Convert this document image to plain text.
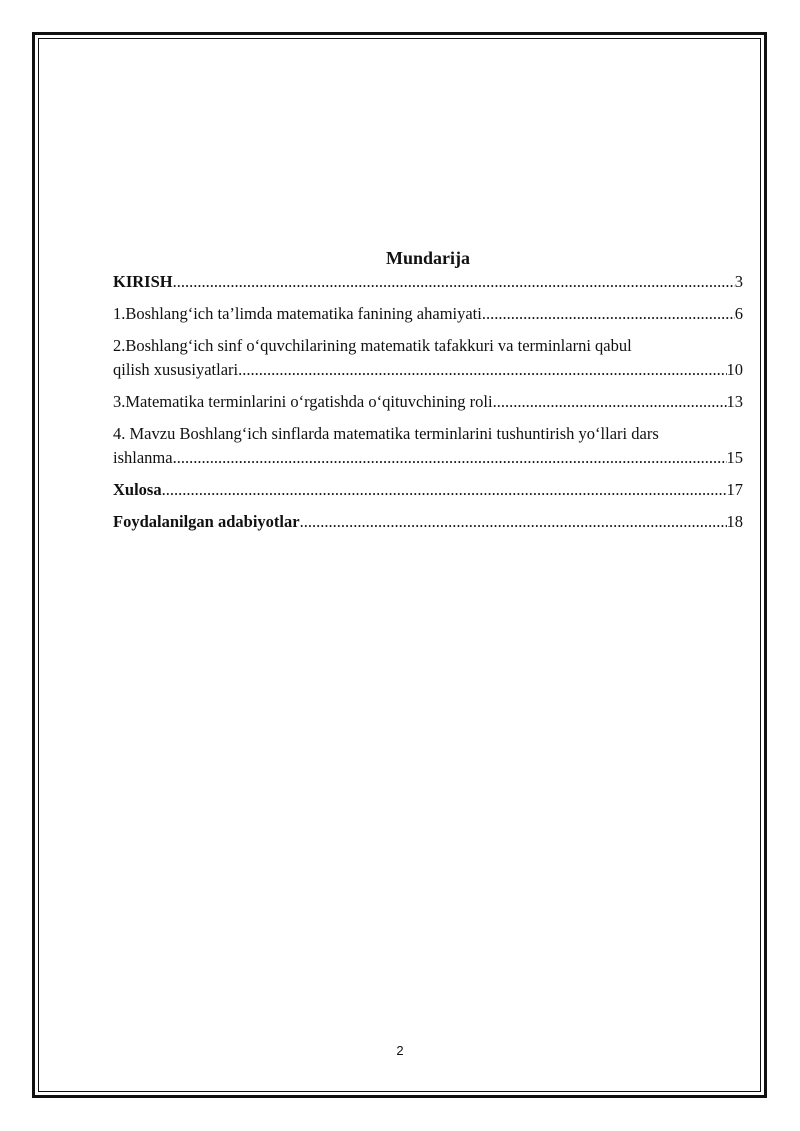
Mundarija
KIRISH .....	3
1.Boshlang‘ich ta’limda matematika fanining ahamiyati .....	6
2.Boshlang‘ich sinf o‘quvchilarining matematik tafakkuri va terminlarni qabul
qilish xususiyatlari .....	10
3.Matematika terminlarini o‘rgatishda o‘qituvchining roli .....	13
4. Mavzu Boshlang‘ich sinflarda matematika terminlarini tushuntirish yo‘llari dars
ishlanma .....	15
Xulosa .....	17
Foydalanilgan adabiyotlar .....	18
2
